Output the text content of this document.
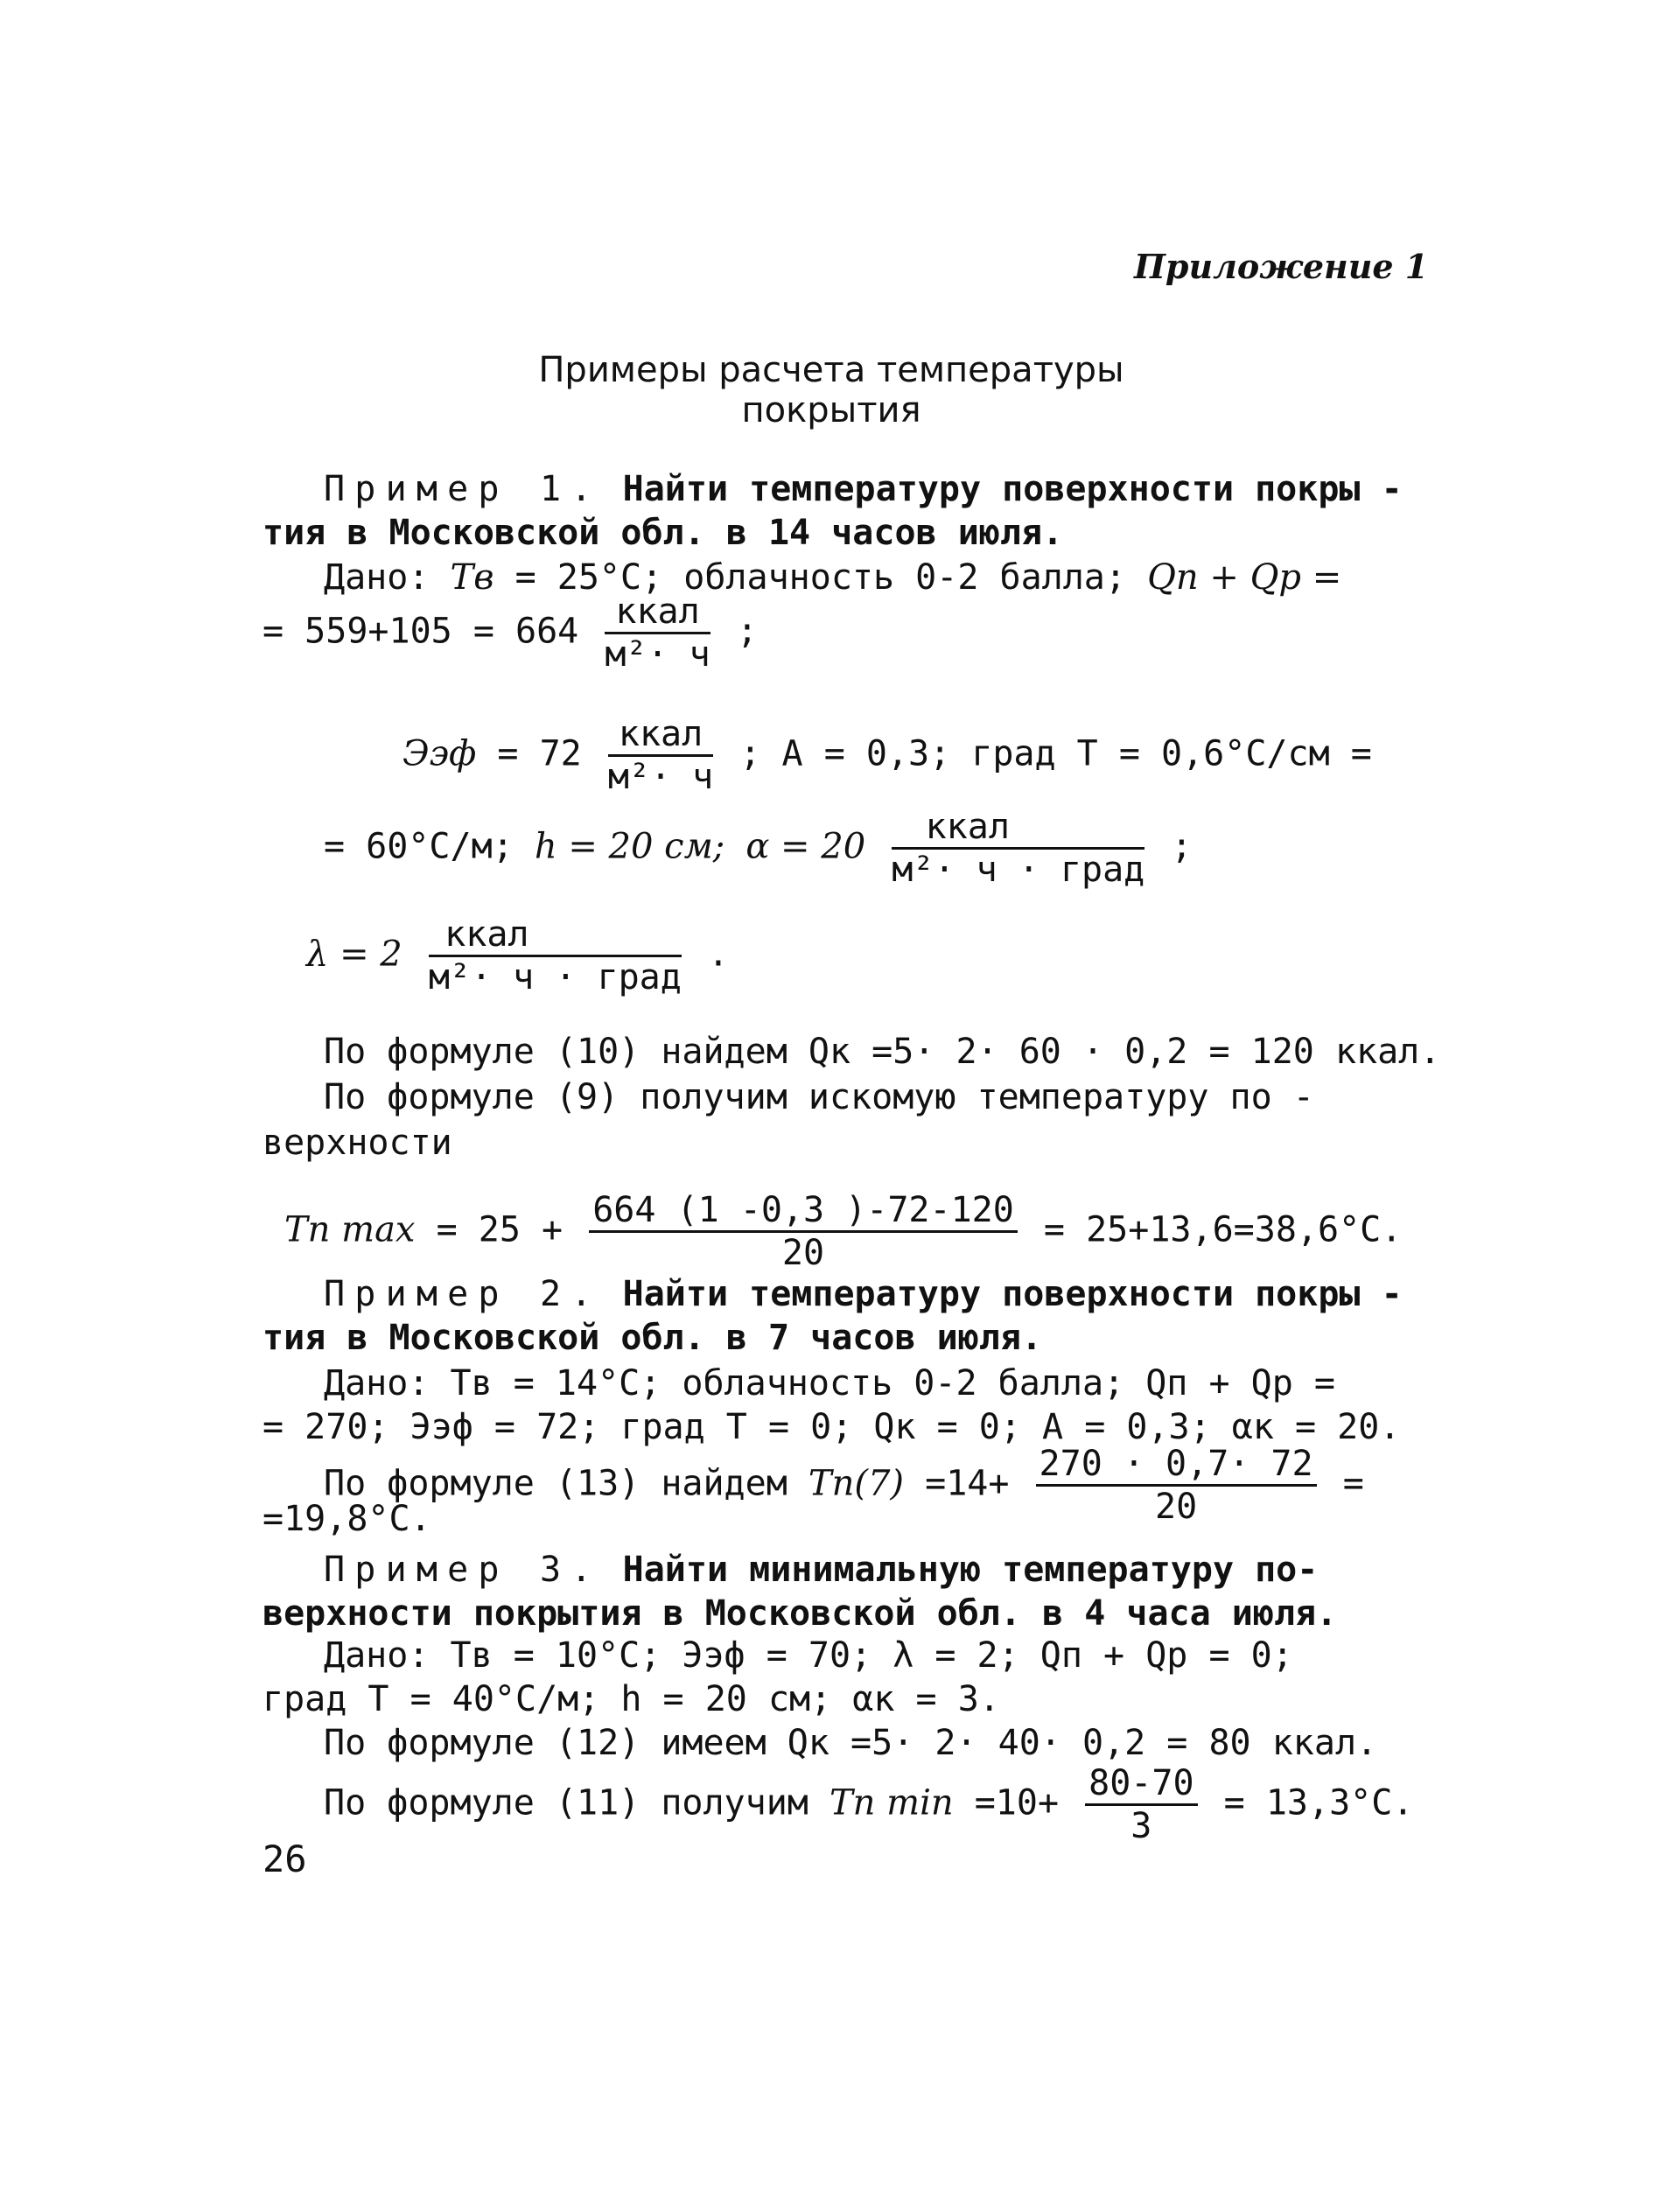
Приложение 1
Примеры расчета температуры покрытия
Пример 1. Найти температуру поверхности покры -
тия в Московской обл. в 14 часов июля.
Дано: Tв = 25°С; облачность 0-2 балла; Qп + Qр =
= $559+105 = 664 \frac{\text{ккал}}{\text{м²· ч}}$ ;
Ээф = $72 \frac{\text{ккал}}{\text{м²· ч}}$ ; A = 0,3; град T = 0,6°С/см =
= 60°С/м; h = 20 см; $\alpha = 20 \frac{\text{ккал}}{\text{м²· ч · град}}$ ;
$\lambda = 2 \frac{\text{ккал}}{\text{м²· ч · град}}$ .
По формуле (10) найдем Qк =5· 2· 60 · 0,2 = 120 ккал.
По формуле (9) получим искомую температуру по -
верхности
Tп $\max = 25 + \frac{664 (1 -0,3 )-72-120}{20} = 25+13,6=38,6^\circ С$.
Пример 2. Найти температуру поверхности покры -
тия в Московской обл. в 7 часов июля.
Дано: Tв = 14°С; облачность 0-2 балла; Qп + Qр =
= 270; Ээф = 72; град T = 0; Qк = 0; A = 0,3; αк = 20.
По формуле (13) найдем $Tп(7) =14+ \frac{270 \cdot 0,7\cdot 72}{20}$ =
=19,8°С.
Пример 3. Найти минимальную температуру по-
верхности покрытия в Московской обл. в 4 часа июля.
Дано: Tв = 10°С; Ээф = 70; λ = 2; Qп + Qр = 0;
град T = 40°С/м; h = 20 см; αк = 3.
По формуле (12) имеем Qк =5· 2· 40· 0,2 = 80 ккал.
По формуле (11) получим Tп $\min =10+ \frac{80-70}{3} = 13,3^\circ С$.
26
